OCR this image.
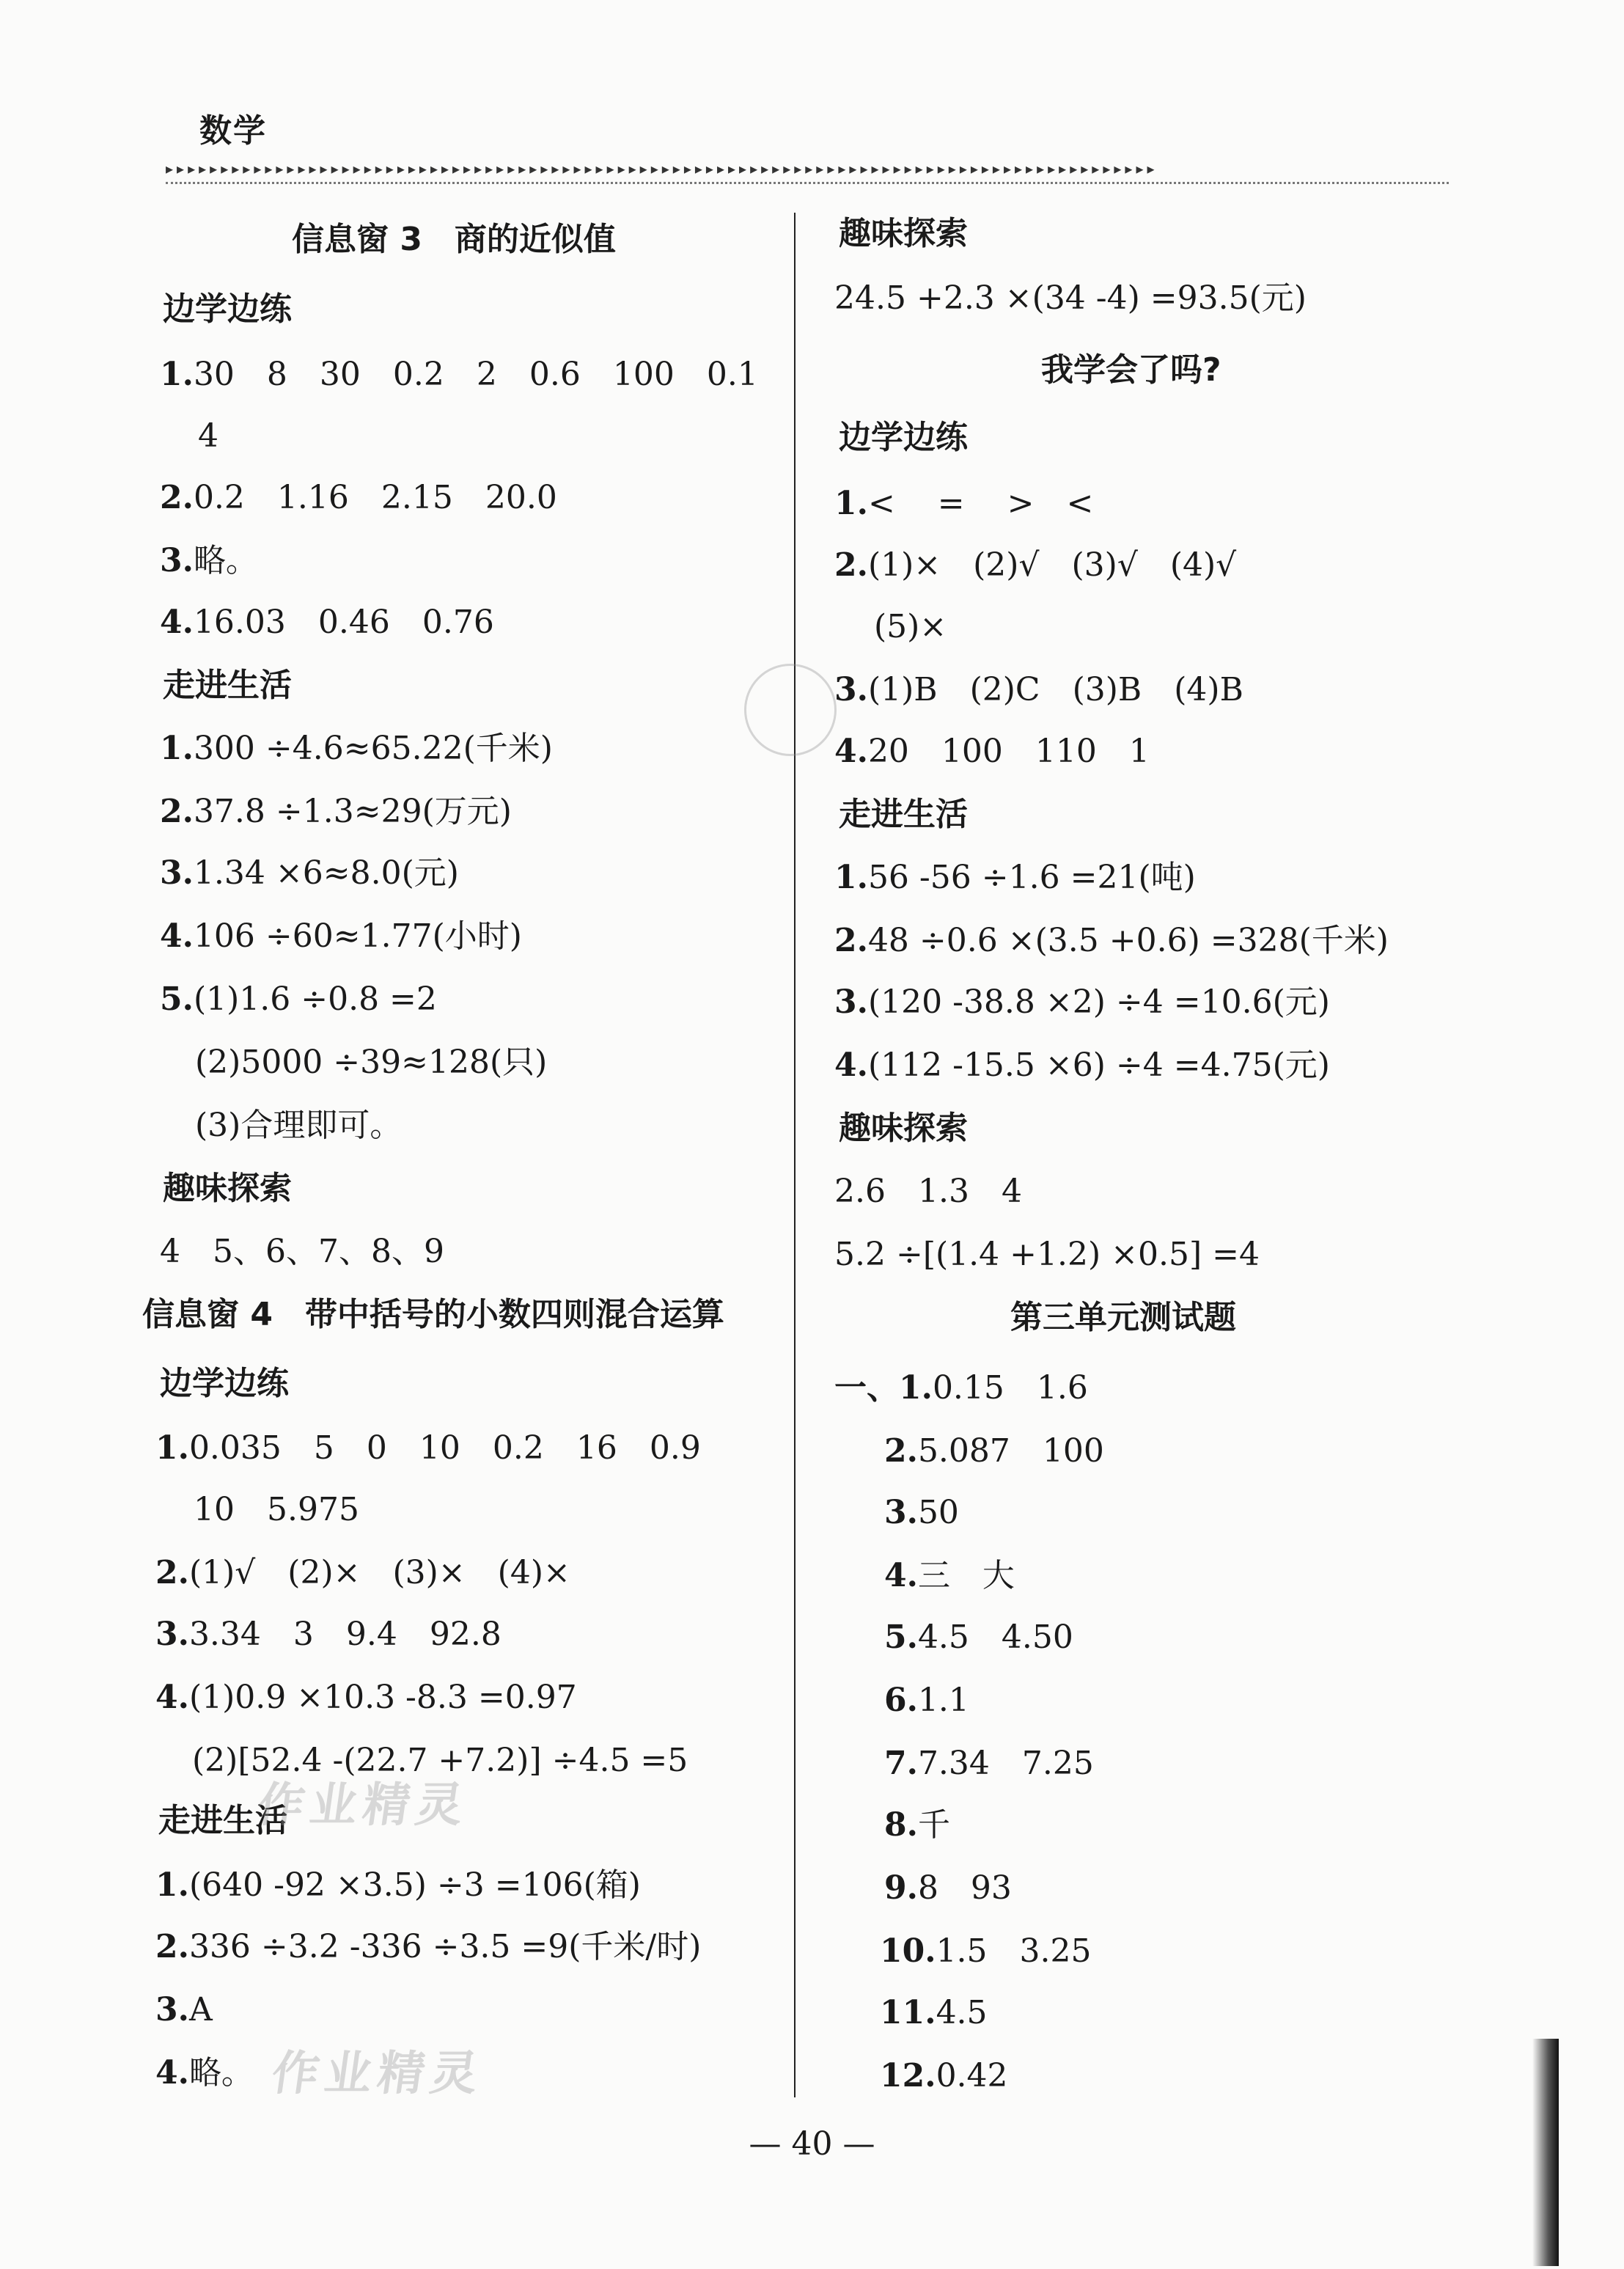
数学
▸▸▸▸▸▸▸▸▸▸▸▸▸▸▸▸▸▸▸▸▸▸▸▸▸▸▸▸▸▸▸▸▸▸▸▸▸▸▸▸▸▸▸▸▸▸▸▸▸▸▸▸▸▸▸▸▸▸▸▸▸▸▸▸▸▸▸▸▸▸▸▸▸▸▸▸▸▸▸▸▸▸▸▸▸▸▸▸▸▸
信息窗 3　商的近似值
边学边练
1.30　8　30　0.2　2　0.6　100　0.1
4
2.0.2　1.16　2.15　20.0
3.略。
4.16.03　0.46　0.76
走进生活
1.300 ÷4.6≈65.22(千米)
2.37.8 ÷1.3≈29(万元)
3.1.34 ×6≈8.0(元)
4.106 ÷60≈1.77(小时)
5.(1)1.6 ÷0.8 =2
(2)5000 ÷39≈128(只)
(3)合理即可。
趣味探索
4　5、6、7、8、9
信息窗 4　带中括号的小数四则混合运算
边学边练
1.0.035　5　0　10　0.2　16　0.9
10　5.975
2.(1)√　(2)×　(3)×　(4)×
3.3.34　3　9.4　92.8
4.(1)0.9 ×10.3 -8.3 =0.97
(2)[52.4 -(22.7 +7.2)] ÷4.5 =5
走进生活
1.(640 -92 ×3.5) ÷3 =106(箱)
2.336 ÷3.2 -336 ÷3.5 =9(千米/时)
3.A
4.略。
趣味探索
24.5 +2.3 ×(34 -4) =93.5(元)
我学会了吗?
边学边练
1.<　 =　 >　<
2.(1)×　(2)√　(3)√　(4)√
(5)×
3.(1)B　(2)C　(3)B　(4)B
4.20　100　110　1
走进生活
1.56 -56 ÷1.6 =21(吨)
2.48 ÷0.6 ×(3.5 +0.6) =328(千米)
3.(120 -38.8 ×2) ÷4 =10.6(元)
4.(112 -15.5 ×6) ÷4 =4.75(元)
趣味探索
2.6　1.3　4
5.2 ÷[(1.4 +1.2) ×0.5] =4
第三单元测试题
一、1.0.15　1.6
2.5.087　100
3.50
4.三　大
5.4.5　4.50
6.1.1
7.7.34　7.25
8.千
9.8　93
10.1.5　3.25
11.4.5
12.0.42
作业精灵
作业精灵
— 40 —
